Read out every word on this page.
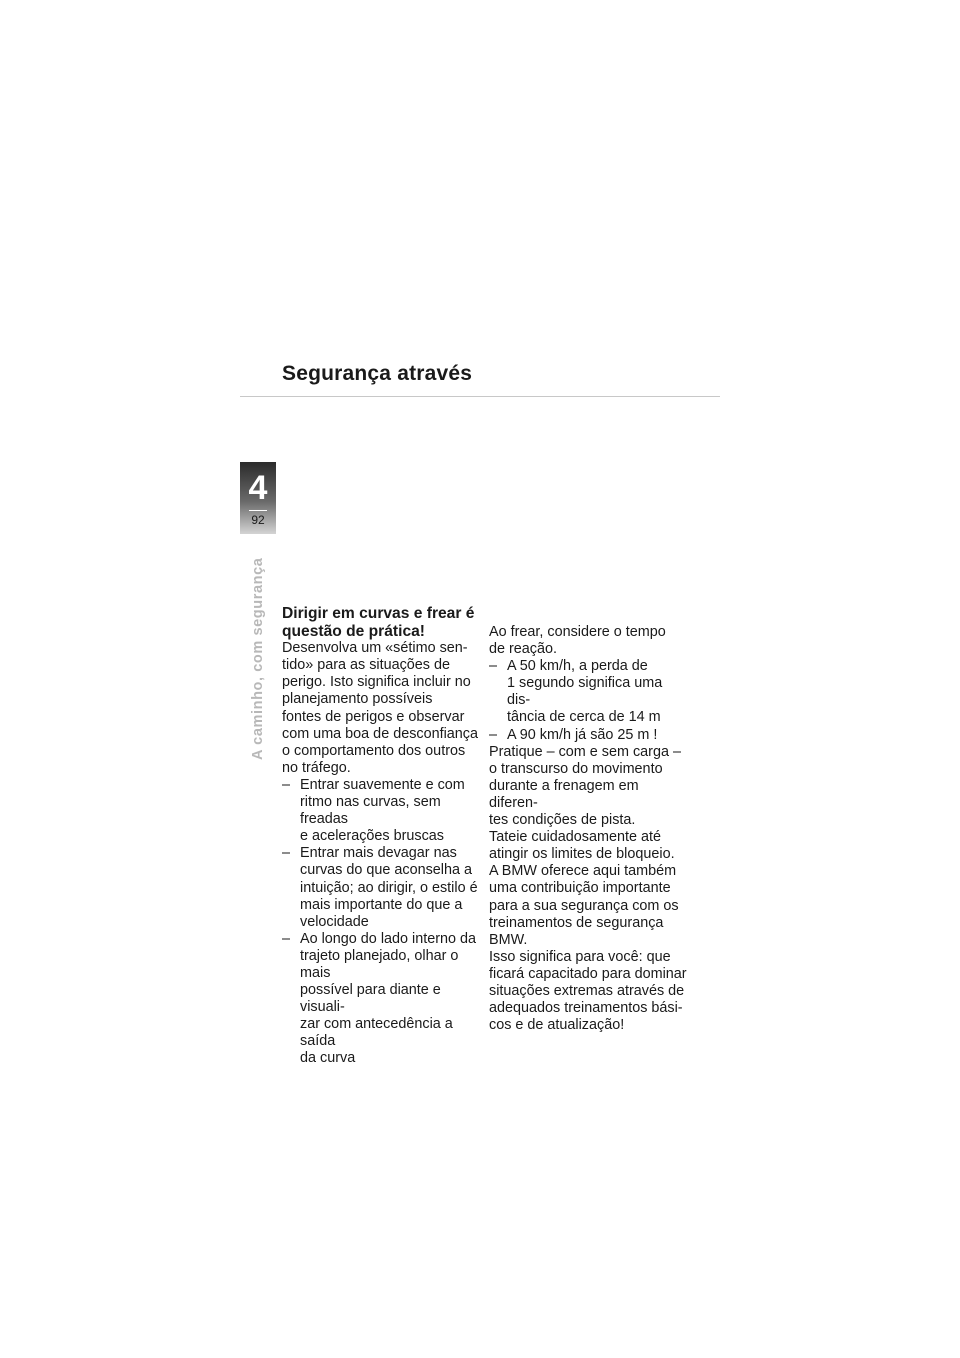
Segurança através
4
92
A caminho, com segurança Dirigir em curvas e frear é
questão de prática!

Desenvolva um «sétimo sen-
tido» para as situações de
perigo. Isto significa incluir no
planejamento possíveis
fontes de perigos e observar
com uma boa de desconfiança
o comportamento dos outros
no tráfego.

– Entrar suavemente e com
ritmo nas curvas, sem freadas
e acelerações bruscas

– Entrar mais devagar nas
curvas do que aconselha a
intuição; ao dirigir, o estilo é
mais importante do que a
velocidade

– Ao longo do lado interno da
trajeto planejado, olhar o mais
possível para diante e visuali-
zar com antecedência a saída
da curva

Ao frear, considere o tempo
de reação.

– A 50 km/h, a perda de
1 segundo significa uma dis-
tância de cerca de 14 m

– A 90 km/h já são 25 m !

Pratique – com e sem carga –
o transcurso do movimento
durante a frenagem em diferen-
tes condições de pista.
Tateie cuidadosamente até
atingir os limites de bloqueio.
A BMW oferece aqui também
uma contribuição importante
para a sua segurança com os
treinamentos de segurança
BMW.
Isso significa para você: que
ficará capacitado para dominar
situações extremas através de
adequados treinamentos bási-
cos e de atualização!
